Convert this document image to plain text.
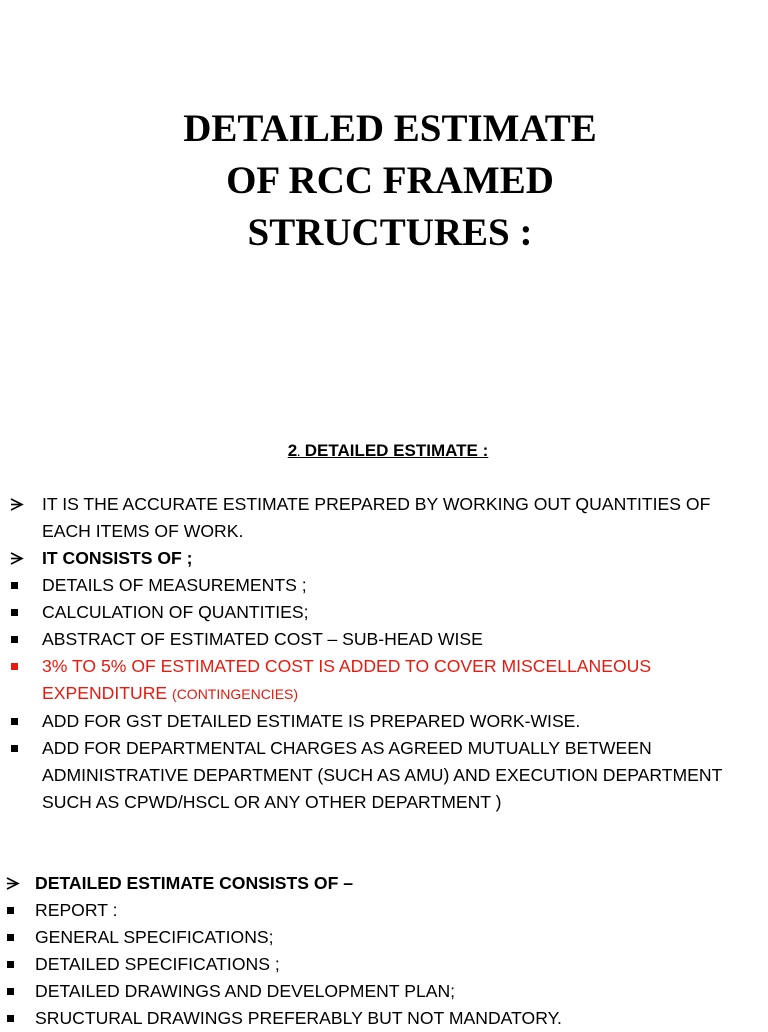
DETAILED ESTIMATE
OF RCC FRAMED
STRUCTURES :
2. DETAILED ESTIMATE :
IT IS THE ACCURATE ESTIMATE PREPARED BY WORKING OUT QUANTITIES OF
EACH ITEMS OF WORK.
IT CONSISTS OF ;
DETAILS OF MEASUREMENTS ;
CALCULATION OF QUANTITIES;
ABSTRACT OF ESTIMATED COST – SUB-HEAD WISE
3% TO 5% OF ESTIMATED COST IS ADDED TO COVER MISCELLANEOUS
EXPENDITURE (CONTINGENCIES)
ADD FOR GST DETAILED ESTIMATE IS PREPARED WORK-WISE.
ADD FOR DEPARTMENTAL CHARGES AS AGREED MUTUALLY BETWEEN
ADMINISTRATIVE DEPARTMENT (SUCH AS AMU) AND EXECUTION DEPARTMENT
SUCH AS CPWD/HSCL OR ANY OTHER DEPARTMENT )
DETAILED ESTIMATE CONSISTS OF –
REPORT :
GENERAL SPECIFICATIONS;
DETAILED SPECIFICATIONS ;
DETAILED DRAWINGS AND DEVELOPMENT PLAN;
SRUCTURAL DRAWINGS PREFERABLY BUT NOT MANDATORY.
